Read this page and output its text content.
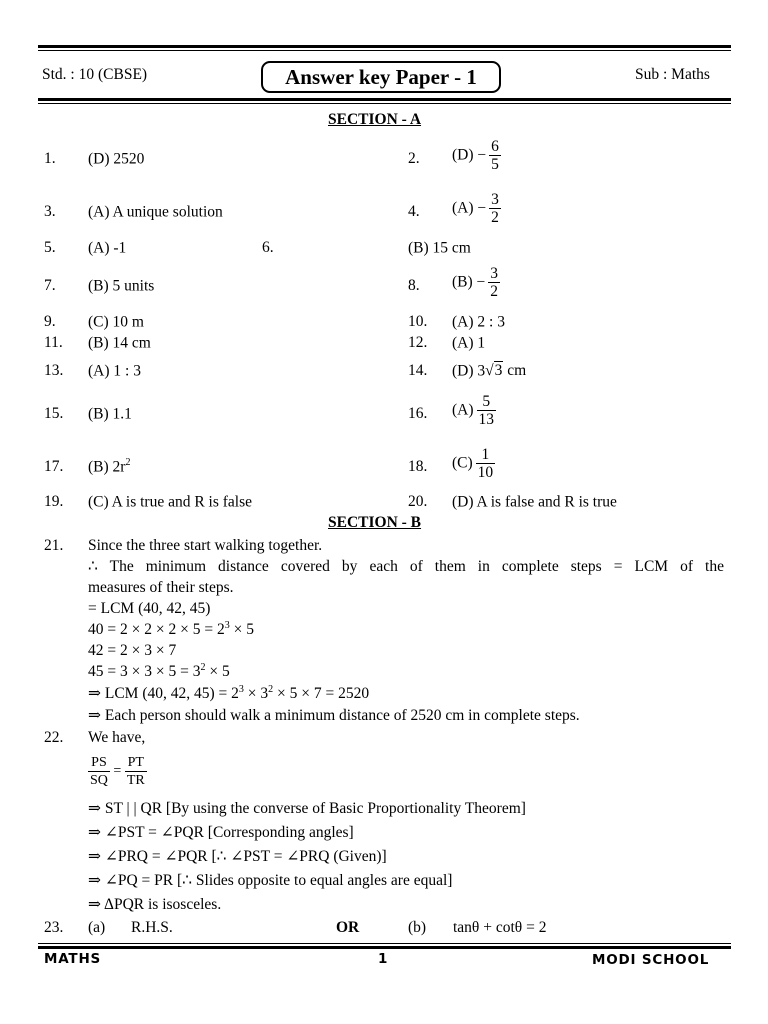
Std. : 10 (CBSE)	Answer key Paper - 1	Sub : Maths
SECTION - A
1. (D) 2520	2. $(D) - \frac{6}{5}$
3. (A) A unique solution	4. $(A) - \frac{3}{2}$
5. (A) -1	6.	(B) 15 cm
7. (B) 5 units	8. $(B) - \frac{3}{2}$
9. (C) 10 m	10. (A) 2 : 3
11. (B) 14 cm	12. (A) 1
13. (A) 1 : 3	14. (D) 3√3 cm
15. (B) 1.1	16. $(A) \frac{5}{13}$
17. (B) $2r^2$	18. $(C) \frac{1}{10}$
19. (C) A is true and R is false	20. (D) A is false and R is true
SECTION - B
21. Since the three start walking together.
∴ The minimum distance covered by each of them in complete steps = LCM of the
measures of their steps.
= LCM (40, 42, 45)
$40 = 2 \times 2 \times 2 \times 5 = 2^3 \times 5$
42 = 2 × 3 × 7
$45 = 3 \times 3 \times 5 = 3^2 \times 5$
⇒ LCM (40, 42, $45) = 2^3 \times 3^2 \times 5 \times 7 = 2520$
⇒ Each person should walk a minimum distance of 2520 cm in complete steps.
22. We have,
$\frac{PS}{SQ} = \frac{PT}{TR}$
⇒ ST | | QR [By using the converse of Basic Proportionality Theorem]
⇒ ∠PST = ∠PQR [Corresponding angles]
⇒ ∠PRQ = ∠PQR [∴ ∠PST = ∠PRQ (Given)]
⇒ ∠PQ = PR [∴ Slides opposite to equal angles are equal]
⇒ ΔPQR is isosceles.
23. (a) R.H.S.	OR	(b) tanθ + cotθ = 2
MATHS	1	MODI SCHOOL
